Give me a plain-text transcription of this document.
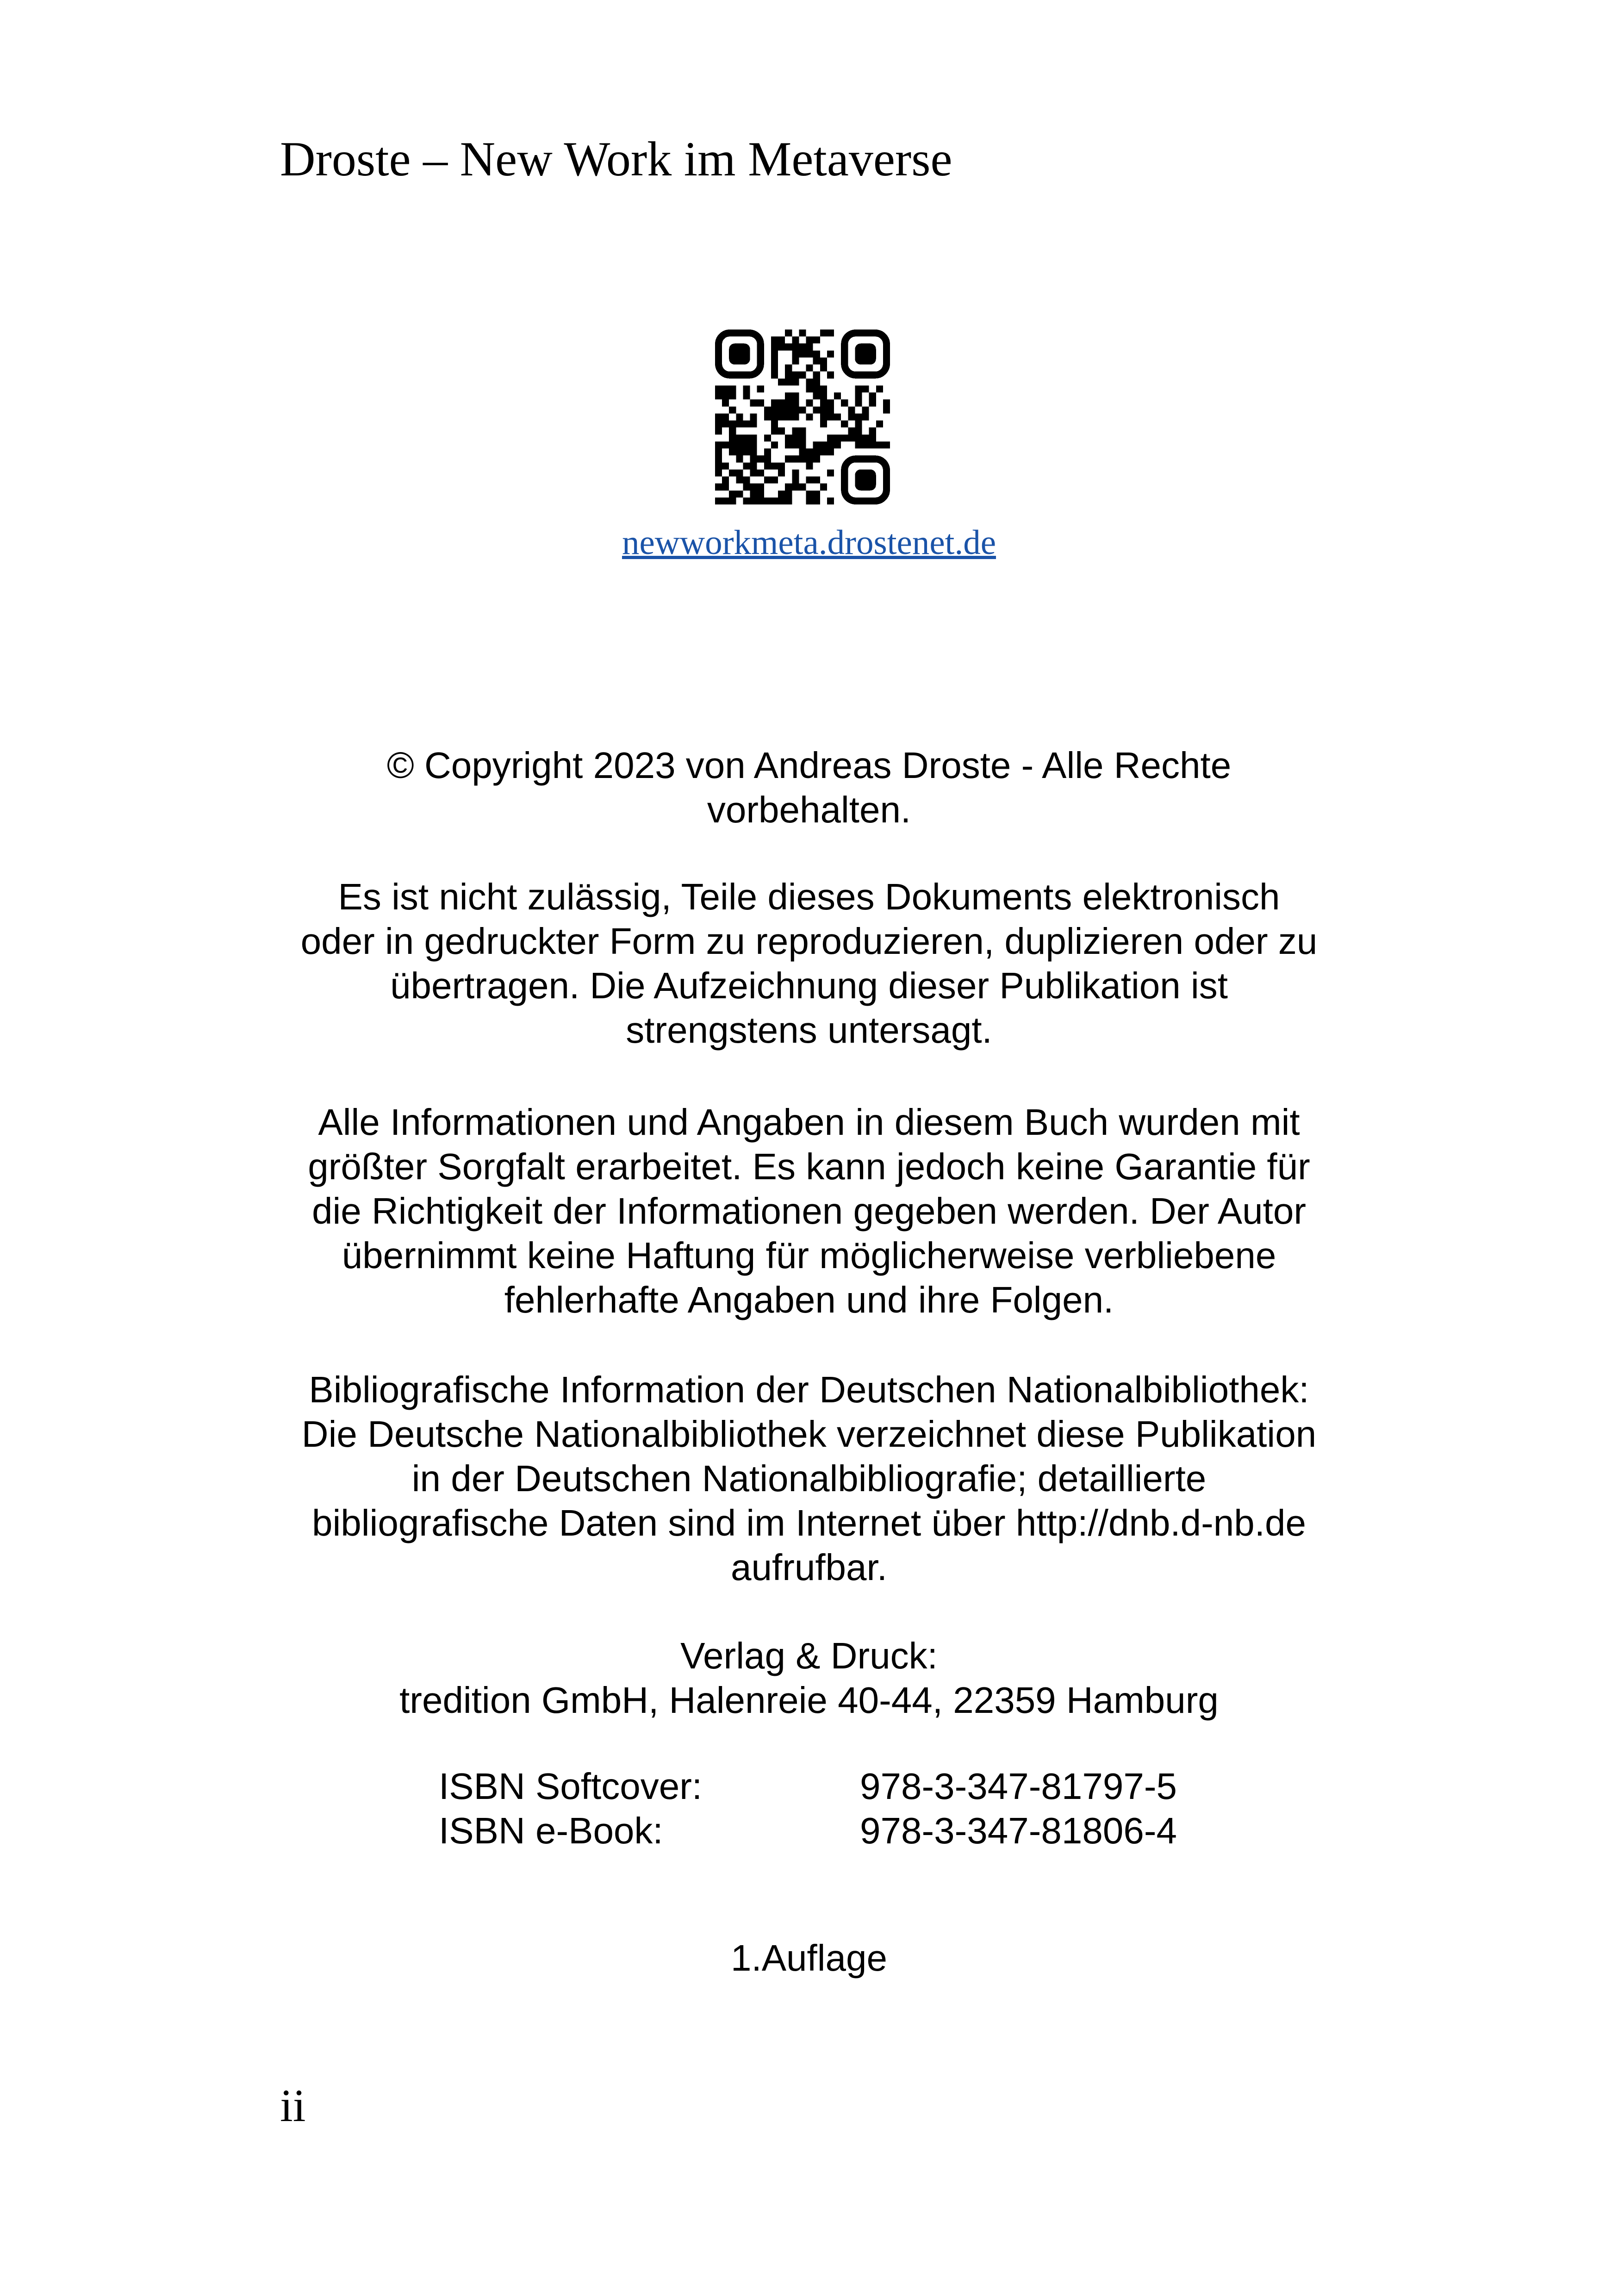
Droste – New Work im Metaverse
newworkmeta.drostenet.de
© Copyright 2023 von Andreas Droste - Alle Rechte
vorbehalten.
Es ist nicht zulässig, Teile dieses Dokuments elektronisch
oder in gedruckter Form zu reproduzieren, duplizieren oder zu
übertragen. Die Aufzeichnung dieser Publikation ist
strengstens untersagt.
Alle Informationen und Angaben in diesem Buch wurden mit
größter Sorgfalt erarbeitet. Es kann jedoch keine Garantie für
die Richtigkeit der Informationen gegeben werden. Der Autor
übernimmt keine Haftung für möglicherweise verbliebene
fehlerhafte Angaben und ihre Folgen.
Bibliografische Information der Deutschen Nationalbibliothek:
Die Deutsche Nationalbibliothek verzeichnet diese Publikation
in der Deutschen Nationalbibliografie; detaillierte
bibliografische Daten sind im Internet über http://dnb.d-nb.de
aufrufbar.
Verlag & Druck:
tredition GmbH, Halenreie 40-44, 22359 Hamburg
ISBN Softcover:	978-3-347-81797-5
ISBN e-Book:	978-3-347-81806-4
1.Auflage
ii
